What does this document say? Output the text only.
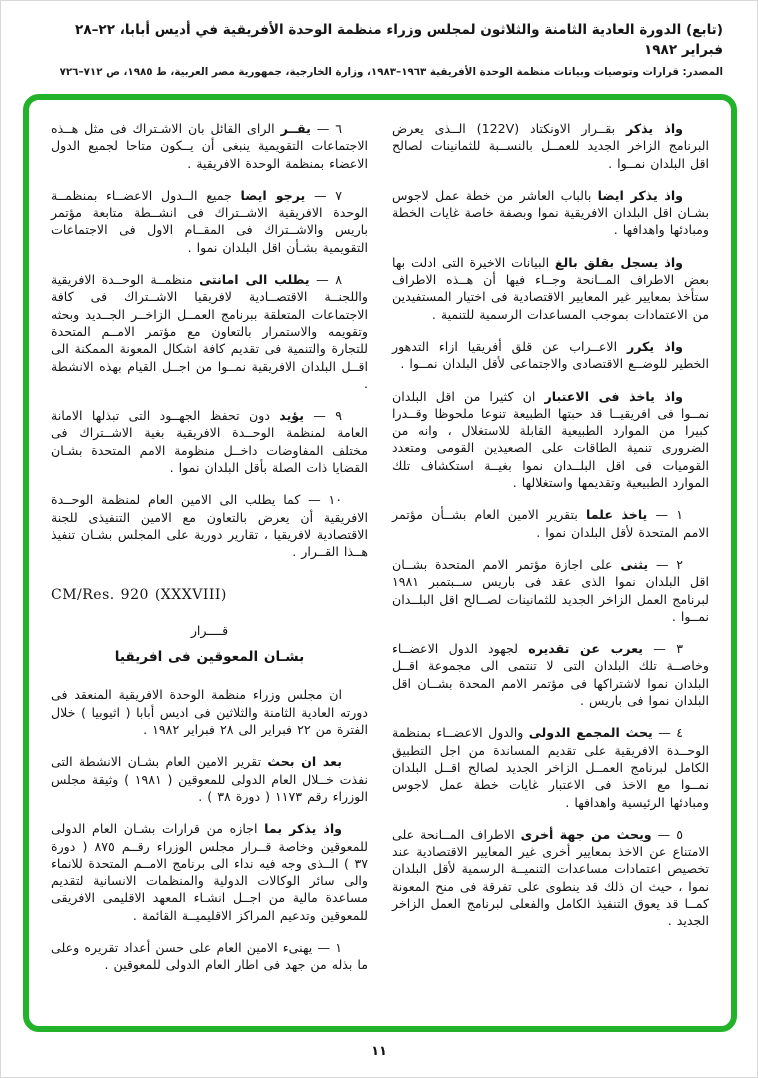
(تابع) الدورة العادية الثامنة والثلاثون لمجلس وزراء منظمة الوحدة الأفريقية في أديس أبابا، ٢٢–٢٨ فبراير ١٩٨٢
المصدر: قرارات وتوصيات وبيانات منظمة الوحدة الأفريقية ١٩٦٣–١٩٨٣، وزارة الخارجية، جمهورية مصر العربية، ط ١٩٨٥، ص ٧١٢–٧٢٦

واذ يذكر بقــرار الاونكتاد (122V) الــذى يعرض البرنامج الزاخر الجديد للعمــل بالنســبة للثمانينات لصالح اقل البلدان نمــوا .

واذ يذكر ايضا بالباب العاشر من خطة عمل لاجوس بشـان اقل البلدان الافريقية نموا وبصفة خاصة غايات الخطة ومبادئها واهدافها .

واذ يسجل بقلق بالغ البيانات الاخيرة التى ادلت بها بعض الاطراف المــانحة وجــاء فيها أن هــذه الاطراف ستأخذ بمعايير غير المعايير الاقتصادية فى اختيار المستفيدين من الاعتمادات بموجب المساعدات الرسمية للتنمية .

واذ يكرر الاعــراب عن قلق أفريقيا ازاء التدهور الخطير للوضــع الاقتصادى والاجتماعى لأقل البلدان نمــوا .

واذ ياخذ فى الاعتبار ان كثيرا من اقل البلدان نمــوا فى افريقيــا قد حبتها الطبيعة تنوعا ملحوظا وقــدرا كبيرا من الموارد الطبيعية القابلة للاستغلال ، وانه من الضرورى تنمية الطاقات على الصعيدين القومى ومتعدد القوميات فى اقل البلــدان نموا بغيــة استكشاف تلك الموارد الطبيعية وتقديمها واستغلالها .

١ — ياخذ علما بتقرير الامين العام بشــأن مؤتمر الامم المتحدة لأقل البلدان نموا .

٢ — يثنى على اجازة مؤتمر الامم المتحدة بشــان اقل البلدان نموا الذى عقد فى باريس ســبتمبر ١٩٨١ لبرنامج العمل الزاخر الجديد للثمانينات لصــالح اقل البلــدان نمــوا .

٣ — يعرب عن تقديره لجهود الدول الاعضــاء وخاصــة تلك البلدان التى لا تنتمى الى مجموعة اقــل البلدان نموا لاشتراكها فى مؤتمر الامم المحدة بشــان اقل البلدان نموا فى باريس .

٤ — يحث المجمع الدولى والدول الاعضــاء بمنظمة الوحــدة الافريقية على تقديم المساندة من اجل التطبيق الكامل لبرنامج العمــل الزاخر الجديد لصالح اقــل البلدان نمــوا مع الاخذ فى الاعتبار غايات خطة عمل لاجوس ومبادئها الرئيسية واهدافها .

٥ — ويحث من جهة أخرى الاطراف المــانحة على الامتناع عن الاخذ بمعايير أخرى غير المعايير الاقتصادية عند تخصيص اعتمادات مساعدات التنميــة الرسمية لأقل البلدان نموا ، حيث ان ذلك قد ينطوى على تفرقة فى منح المعونة كمــا قد يعوق التنفيذ الكامل والفعلى لبرنامج العمل الزاخر الجديد .

٦ — يقــر الراى القائل بان الاشـتراك فى مثل هــذه الاجتماعات التقويمية ينبغى أن يــكون متاحا لجميع الدول الاعضاء بمنظمة الوحدة الافريقية .

٧ — يرجو ايضا جميع الــدول الاعضــاء بمنظمــة الوحدة الافريقية الاشــتراك فى انشــطة متابعة مؤتمر باريس والاشــتراك فى المقــام الاول فى الاجتماعات التقويمية بشـأن اقل البلدان نموا .

٨ — يطلب الى امانتى منظمــة الوحــدة الافريقية واللجنــة الاقتصــادية لافريقيا الاشــتراك فى كافة الاجتماعات المتعلقة ببرنامج العمــل الزاخــر الجــديد وبحثه وتقويمه والاستمرار بالتعاون مع مؤتمر الامــم المتحدة للتجارة والتنمية فى تقديم كافة اشكال المعونة الممكنة الى اقــل البلدان الافريقية نمــوا من اجــل القيام بهذه الانشطة .

٩ — يؤيد دون تحفظ الجهــود التى تبذلها الامانة العامة لمنظمة الوحــدة الافريقية بغية الاشــتراك فى مختلف المفاوضات داخــل منظومة الامم المتحدة بشـان القضايا ذات الصلة بأقل البلدان نموا .

١٠ — كما يطلب الى الامين العام لمنظمة الوحــدة الافريقية أن يعرض بالتعاون مع الامين التنفيذى للجنة الاقتصادية لافريقيا ، تقارير دورية على المجلس بشـان تنفيذ هــذا القــرار .

CM/Res. 920 (XXXVIII)

قــــرار

بشـان المعوقين فى افريقيا

ان مجلس وزراء منظمة الوحدة الافريقية المنعقد فى دورته العادية الثامنة والثلاثين فى اديس أبابا ( اثيوبيا ) خلال الفترة من ٢٢ فبراير الى ٢٨ فبراير ١٩٨٢ .

بعد ان بحث تقرير الامين العام بشـان الانشطة التى نفذت خــلال العام الدولى للمعوقين ( ١٩٨١ ) وثيقة مجلس الوزراء رقم ١١٧٣ ( دورة ٣٨ ) .

واذ يذكر بما اجازه من قرارات بشـان العام الدولى للمعوقين وخاصة قــرار مجلس الوزراء رقــم ٨٧٥ ( دورة ٣٧ ) الــذى وجه فيه نداء الى برنامج الامــم المتحدة للانماء والى سائر الوكالات الدولية والمنظمات الانسانية لتقديم مساعدة مالية من اجــل انشـاء المعهد الاقليمى الافريقى للمعوقين وتدعيم المراكز الاقليميــة القائمة .

١ — يهنىء الامين العام على حسن أعداد تقريره وعلى ما بذله من جهد فى اطار العام الدولى للمعوقين .

١١
